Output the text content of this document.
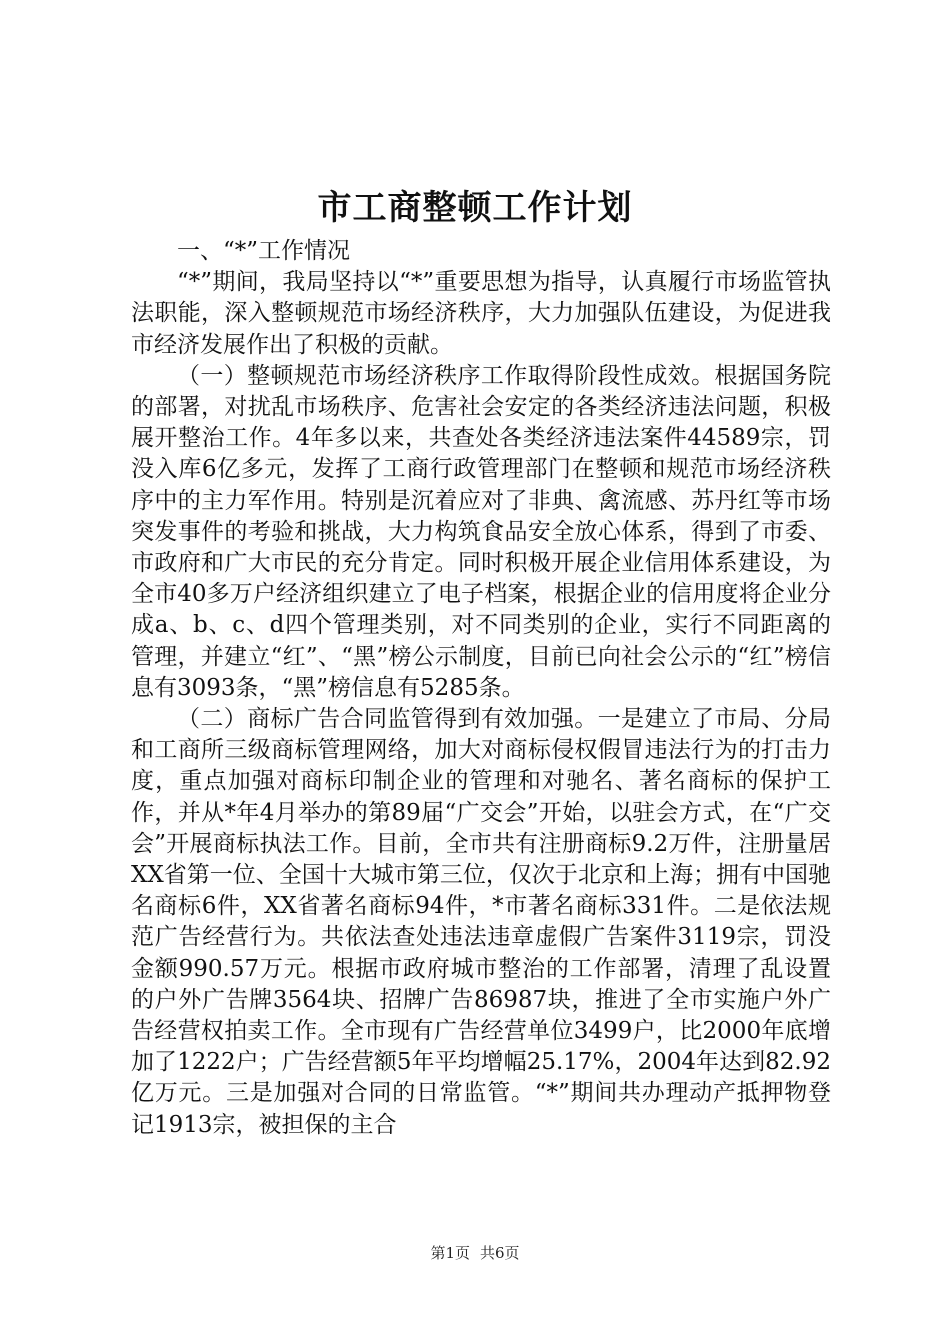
市工商整顿工作计划

一、“*”工作情况

“*”期间，我局坚持以“*”重要思想为指导，认真履行市场监管执法职能，深入整顿规范市场经济秩序，大力加强队伍建设，为促进我市经济发展作出了积极的贡献。

（一）整顿规范市场经济秩序工作取得阶段性成效。根据国务院的部署，对扰乱市场秩序、危害社会安定的各类经济违法问题，积极展开整治工作。4年多以来，共查处各类经济违法案件44589宗，罚没入库6亿多元，发挥了工商行政管理部门在整顿和规范市场经济秩序中的主力军作用。特别是沉着应对了非典、禽流感、苏丹红等市场突发事件的考验和挑战，大力构筑食品安全放心体系，得到了市委、市政府和广大市民的充分肯定。同时积极开展企业信用体系建设，为全市40多万户经济组织建立了电子档案，根据企业的信用度将企业分成a、b、c、d四个管理类别，对不同类别的企业，实行不同距离的管理，并建立“红”、“黑”榜公示制度，目前已向社会公示的“红”榜信息有3093条，“黑”榜信息有5285条。

（二）商标广告合同监管得到有效加强。一是建立了市局、分局和工商所三级商标管理网络，加大对商标侵权假冒违法行为的打击力度，重点加强对商标印制企业的管理和对驰名、著名商标的保护工作，并从*年4月举办的第89届“广交会”开始，以驻会方式，在“广交会”开展商标执法工作。目前，全市共有注册商标9.2万件，注册量居XX省第一位、全国十大城市第三位，仅次于北京和上海；拥有中国驰名商标6件，XX省著名商标94件，*市著名商标331件。二是依法规范广告经营行为。共依法查处违法违章虚假广告案件3119宗，罚没金额990.57万元。根据市政府城市整治的工作部署，清理了乱设置的户外广告牌3564块、招牌广告86987块，推进了全市实施户外广告经营权拍卖工作。全市现有广告经营单位3499户，比2000年底增加了1222户；广告经营额5年平均增幅25.17%，2004年达到82.92亿万元。三是加强对合同的日常监管。“*”期间共办理动产抵押物登记1913宗，被担保的主合

第1页 共6页
